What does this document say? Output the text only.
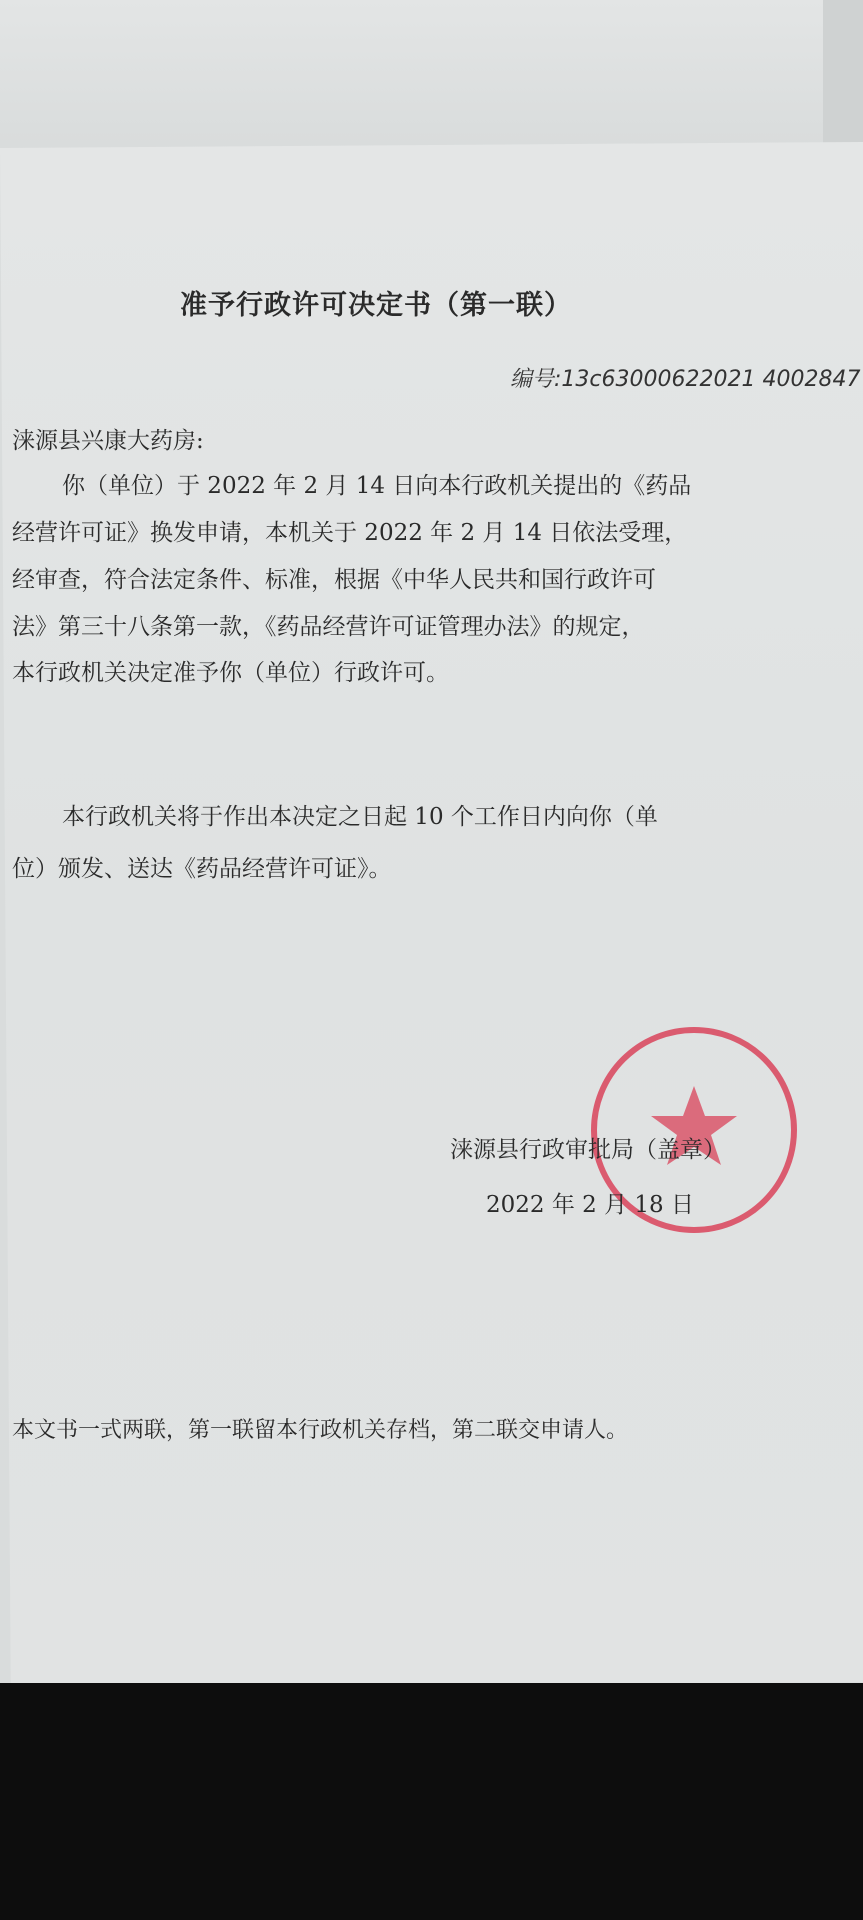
准予行政许可决定书（第一联）
编号:13c63000622021 4002847
涞源县兴康大药房:
你（单位）于 2022 年 2 月 14 日向本行政机关提出的《药品
经营许可证》换发申请，本机关于 2022 年 2 月 14 日依法受理，
经审查，符合法定条件、标准，根据《中华人民共和国行政许可
法》第三十八条第一款，《药品经营许可证管理办法》的规定，
本行政机关决定准予你（单位）行政许可。
本行政机关将于作出本决定之日起 10 个工作日内向你（单
位）颁发、送达《药品经营许可证》。
涞源县行政审批局（盖章）
2022 年 2 月 18 日
本文书一式两联，第一联留本行政机关存档，第二联交申请人。
